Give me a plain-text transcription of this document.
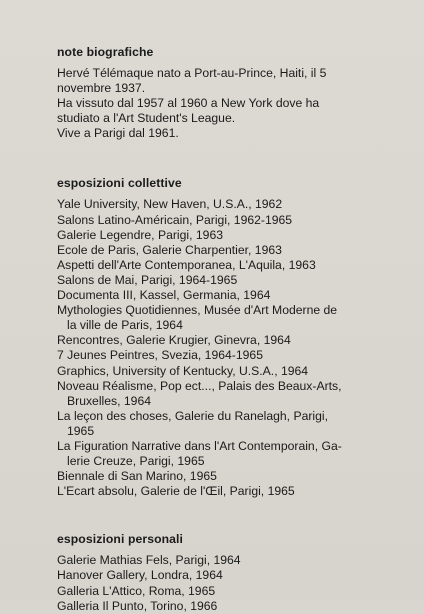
note biografiche

Hervé Télémaque nato a Port-au-Prince, Haiti, il 5

novembre 1937.

Ha vissuto dal 1957 al 1960 a New York dove ha

studiato a l'Art Student's League.

Vive a Parigi dal 1961.

esposizioni collettive

Yale University, New Haven, U.S.A., 1962

Salons Latino-Américain, Parigi, 1962-1965

Galerie Legendre, Parigi, 1963

Ecole de Paris, Galerie Charpentier, 1963

Aspetti dell'Arte Contemporanea, L'Aquila, 1963

Salons de Mai, Parigi, 1964-1965

Documenta III, Kassel, Germania, 1964

Mythologies Quotidiennes, Musée d'Art Moderne de

la ville de Paris, 1964

Rencontres, Galerie Krugier, Ginevra, 1964

7 Jeunes Peintres, Svezia, 1964-1965

Graphics, University of Kentucky, U.S.A., 1964

Noveau Réalisme, Pop ect..., Palais des Beaux-Arts,

Bruxelles, 1964

La leçon des choses, Galerie du Ranelagh, Parigi,

1965

La Figuration Narrative dans l'Art Contemporain, Ga-

lerie Creuze, Parigi, 1965

Biennale di San Marino, 1965

L'Ecart absolu, Galerie de l'Œil, Parigi, 1965

esposizioni personali

Galerie Mathias Fels, Parigi, 1964

Hanover Gallery, Londra, 1964

Galleria L'Attico, Roma, 1965

Galleria Il Punto, Torino, 1966
